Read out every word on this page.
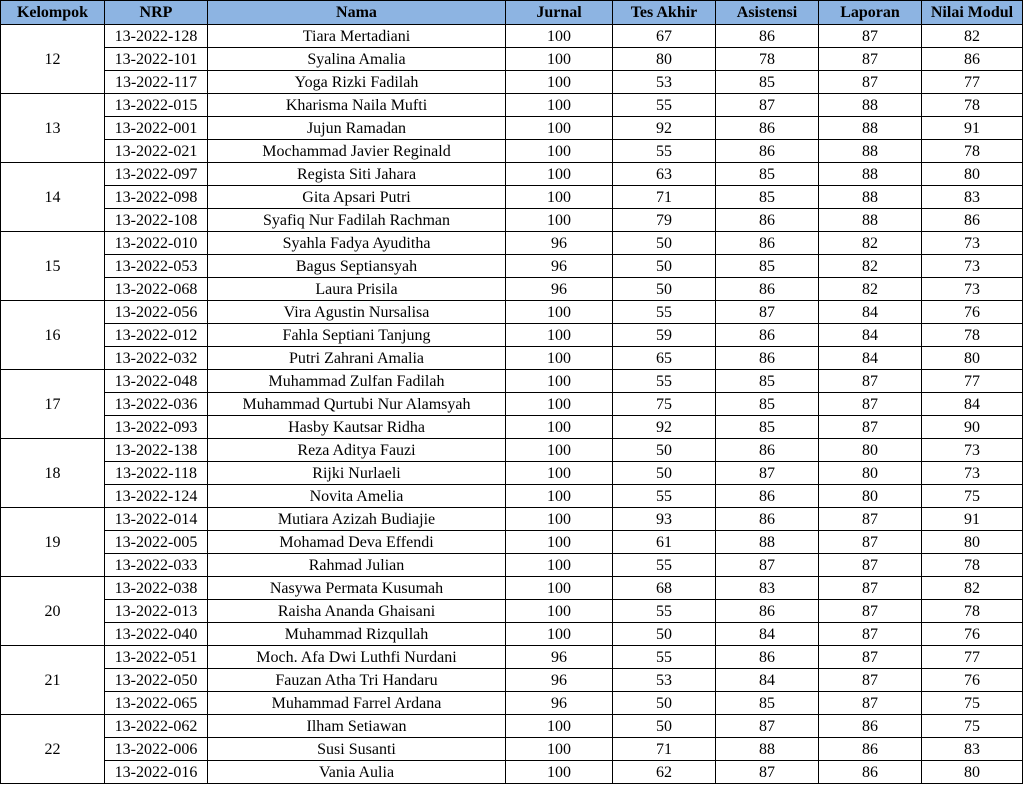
Kelompok	NRP	Nama	Jurnal	Tes Akhir	Asistensi	Laporan	Nilai Modul
12	13-2022-128	Tiara Mertadiani	100	67	86	87	82
	13-2022-101	Syalina Amalia	100	80	78	87	86
	13-2022-117	Yoga Rizki Fadilah	100	53	85	87	77
13	13-2022-015	Kharisma Naila Mufti	100	55	87	88	78
	13-2022-001	Jujun Ramadan	100	92	86	88	91
	13-2022-021	Mochammad Javier Reginald	100	55	86	88	78
14	13-2022-097	Regista Siti Jahara	100	63	85	88	80
	13-2022-098	Gita Apsari Putri	100	71	85	88	83
	13-2022-108	Syafiq Nur Fadilah Rachman	100	79	86	88	86
15	13-2022-010	Syahla Fadya Ayuditha	96	50	86	82	73
	13-2022-053	Bagus Septiansyah	96	50	85	82	73
	13-2022-068	Laura Prisila	96	50	86	82	73
16	13-2022-056	Vira Agustin Nursalisa	100	55	87	84	76
	13-2022-012	Fahla Septiani Tanjung	100	59	86	84	78
	13-2022-032	Putri Zahrani Amalia	100	65	86	84	80
17	13-2022-048	Muhammad Zulfan Fadilah	100	55	85	87	77
	13-2022-036	Muhammad Qurtubi Nur Alamsyah	100	75	85	87	84
	13-2022-093	Hasby Kautsar Ridha	100	92	85	87	90
18	13-2022-138	Reza Aditya Fauzi	100	50	86	80	73
	13-2022-118	Rijki Nurlaeli	100	50	87	80	73
	13-2022-124	Novita Amelia	100	55	86	80	75
19	13-2022-014	Mutiara Azizah Budiajie	100	93	86	87	91
	13-2022-005	Mohamad Deva Effendi	100	61	88	87	80
	13-2022-033	Rahmad Julian	100	55	87	87	78
20	13-2022-038	Nasywa Permata Kusumah	100	68	83	87	82
	13-2022-013	Raisha Ananda Ghaisani	100	55	86	87	78
	13-2022-040	Muhammad Rizqullah	100	50	84	87	76
21	13-2022-051	Moch. Afa Dwi Luthfi Nurdani	96	55	86	87	77
	13-2022-050	Fauzan Atha Tri Handaru	96	53	84	87	76
	13-2022-065	Muhammad Farrel Ardana	96	50	85	87	75
22	13-2022-062	Ilham Setiawan	100	50	87	86	75
	13-2022-006	Susi Susanti	100	71	88	86	83
	13-2022-016	Vania Aulia	100	62	87	86	80
